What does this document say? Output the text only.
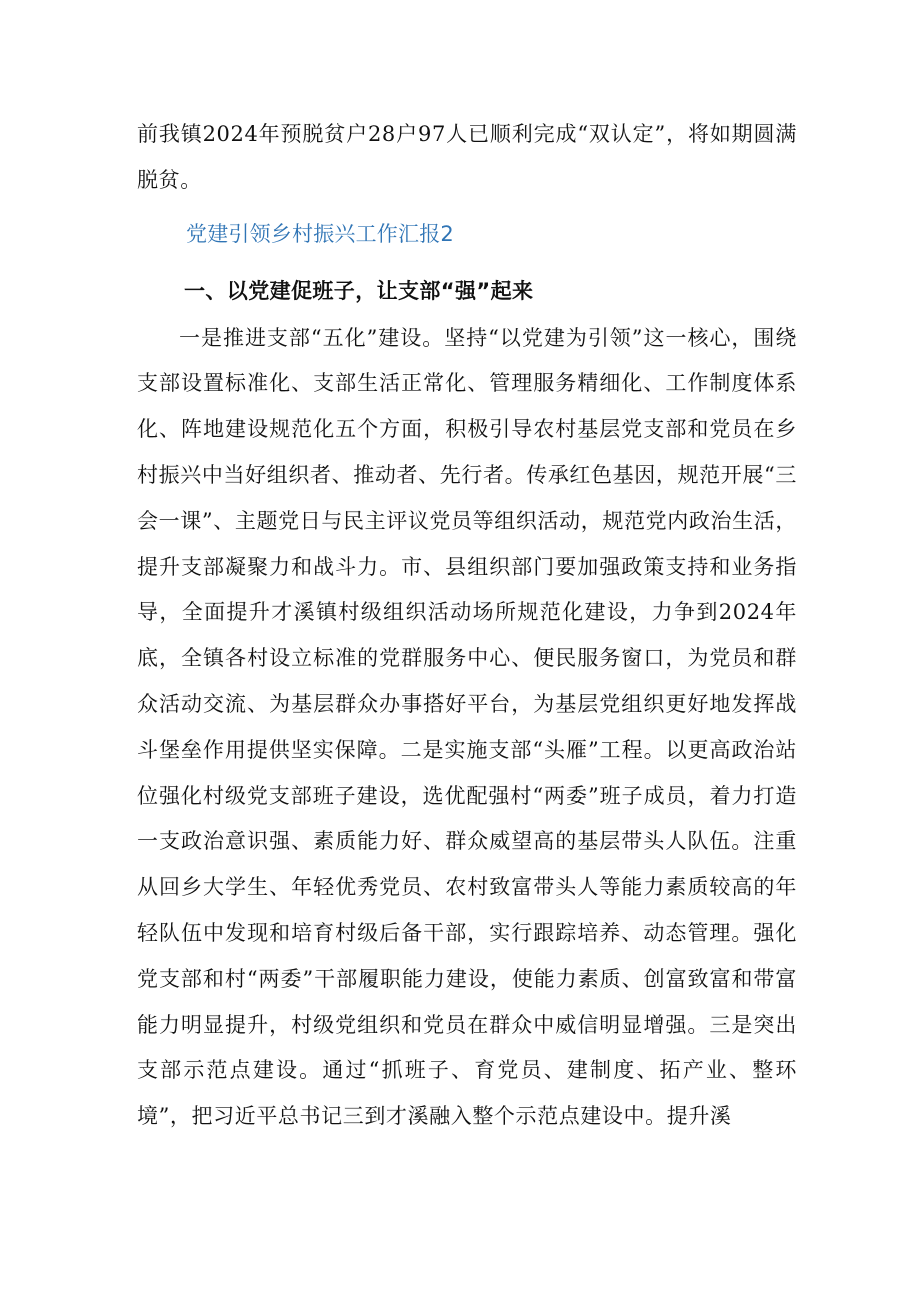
前我镇2024年预脱贫户28户97人已顺利完成“双认定”，将如期圆满脱贫。

党建引领乡村振兴工作汇报2
一、以党建促班子，让支部“强”起来

一是推进支部“五化”建设。坚持“以党建为引领”这一核心，围绕支部设置标准化、支部生活正常化、管理服务精细化、工作制度体系化、阵地建设规范化五个方面，积极引导农村基层党支部和党员在乡村振兴中当好组织者、推动者、先行者。传承红色基因，规范开展“三会一课”、主题党日与民主评议党员等组织活动，规范党内政治生活，提升支部凝聚力和战斗力。市、县组织部门要加强政策支持和业务指导，全面提升才溪镇村级组织活动场所规范化建设，力争到2024年底，全镇各村设立标准的党群服务中心、便民服务窗口，为党员和群众活动交流、为基层群众办事搭好平台，为基层党组织更好地发挥战斗堡垒作用提供坚实保障。二是实施支部“头雁”工程。以更高政治站位强化村级党支部班子建设，选优配强村“两委”班子成员，着力打造一支政治意识强、素质能力好、群众威望高的基层带头人队伍。注重从回乡大学生、年轻优秀党员、农村致富带头人等能力素质较高的年轻队伍中发现和培育村级后备干部，实行跟踪培养、动态管理。强化党支部和村“两委”干部履职能力建设，使能力素质、创富致富和带富能力明显提升，村级党组织和党员在群众中威信明显增强。三是突出支部示范点建设。通过“抓班子、育党员、建制度、拓产业、整环境”，把习近平总书记三到才溪融入整个示范点建设中。提升溪
